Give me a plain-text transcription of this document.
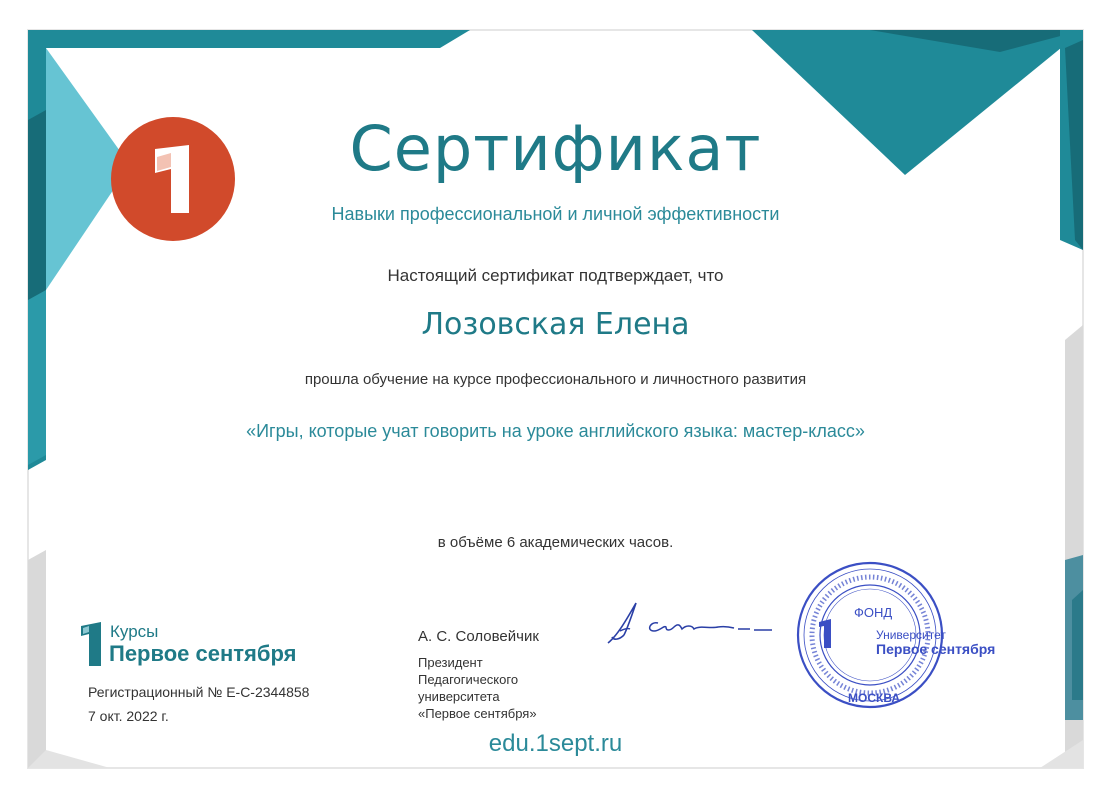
Сертификат
Навыки профессиональной и личной эффективности
Настоящий сертификат подтверждает, что
Лозовская Елена
прошла обучение на курсе профессионального и личностного развития
«Игры, которые учат говорить на уроке английского языка: мастер-класс»
в объёме 6 академических часов.
Курсы
Первое сентября
Регистрационный № E-C-2344858
7 окт. 2022 г.
А. С. Соловейчик
Президент
Педагогического
университета
«Первое сентября»
ФОНД
Университет
Первое сентября
МОСКВА
edu.1sept.ru
